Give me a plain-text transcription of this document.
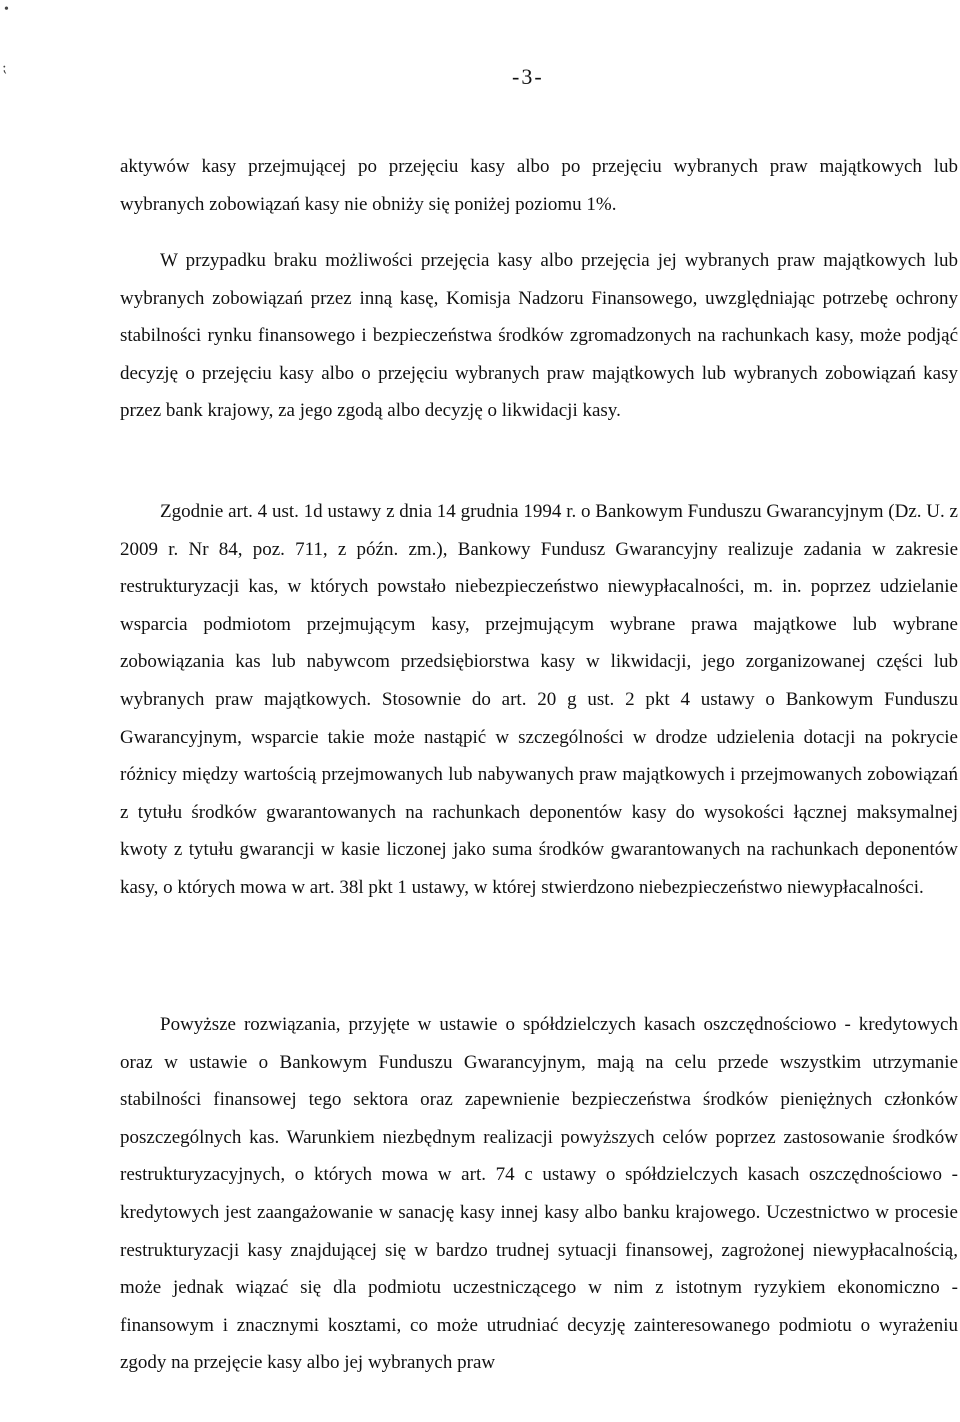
•
⁏	-3-

aktywów kasy przejmującej po przejęciu kasy albo po przejęciu wybranych praw majątkowych lub wybranych zobowiązań kasy nie obniży się poniżej poziomu 1%.

W przypadku braku możliwości przejęcia kasy albo przejęcia jej wybranych praw majątkowych lub wybranych zobowiązań przez inną kasę, Komisja Nadzoru Finansowego, uwzględniając potrzebę ochrony stabilności rynku finansowego i bezpieczeństwa środków zgromadzonych na rachunkach kasy, może podjąć decyzję o przejęciu kasy albo o przejęciu wybranych praw majątkowych lub wybranych zobowiązań kasy przez bank krajowy, za jego zgodą albo decyzję o likwidacji kasy.

Zgodnie art. 4 ust. 1d ustawy z dnia 14 grudnia 1994 r. o Bankowym Funduszu Gwarancyjnym (Dz. U. z 2009 r. Nr 84, poz. 711, z późn. zm.), Bankowy Fundusz Gwarancyjny realizuje zadania w zakresie restrukturyzacji kas, w których powstało niebezpieczeństwo niewypłacalności, m. in. poprzez udzielanie wsparcia podmiotom przejmującym kasy, przejmującym wybrane prawa majątkowe lub wybrane zobowiązania kas lub nabywcom przedsiębiorstwa kasy w likwidacji, jego zorganizowanej części lub wybranych praw majątkowych. Stosownie do art. 20 g ust. 2 pkt 4 ustawy o Bankowym Funduszu Gwarancyjnym, wsparcie takie może nastąpić w szczególności w drodze udzielenia dotacji na pokrycie różnicy między wartością przejmowanych lub nabywanych praw majątkowych i przejmowanych zobowiązań z tytułu środków gwarantowanych na rachunkach deponentów kasy do wysokości łącznej maksymalnej kwoty z tytułu gwarancji w kasie liczonej jako suma środków gwarantowanych na rachunkach deponentów kasy, o których mowa w art. 38l pkt 1 ustawy, w której stwierdzono niebezpieczeństwo niewypłacalności.

Powyższe rozwiązania, przyjęte w ustawie o spółdzielczych kasach oszczędnościowo - kredytowych oraz w ustawie o Bankowym Funduszu Gwarancyjnym, mają na celu przede wszystkim utrzymanie stabilności finansowej tego sektora oraz zapewnienie bezpieczeństwa środków pieniężnych członków poszczególnych kas. Warunkiem niezbędnym realizacji powyższych celów poprzez zastosowanie środków restrukturyzacyjnych, o których mowa w art. 74 c ustawy o spółdzielczych kasach oszczędnościowo - kredytowych jest zaangażowanie w sanację kasy innej kasy albo banku krajowego. Uczestnictwo w procesie restrukturyzacji kasy znajdującej się w bardzo trudnej sytuacji finansowej, zagrożonej niewypłacalnością, może jednak wiązać się dla podmiotu uczestniczącego w nim z istotnym ryzykiem ekonomiczno - finansowym i znacznymi kosztami, co może utrudniać decyzję zainteresowanego podmiotu o wyrażeniu zgody na przejęcie kasy albo jej wybranych praw
